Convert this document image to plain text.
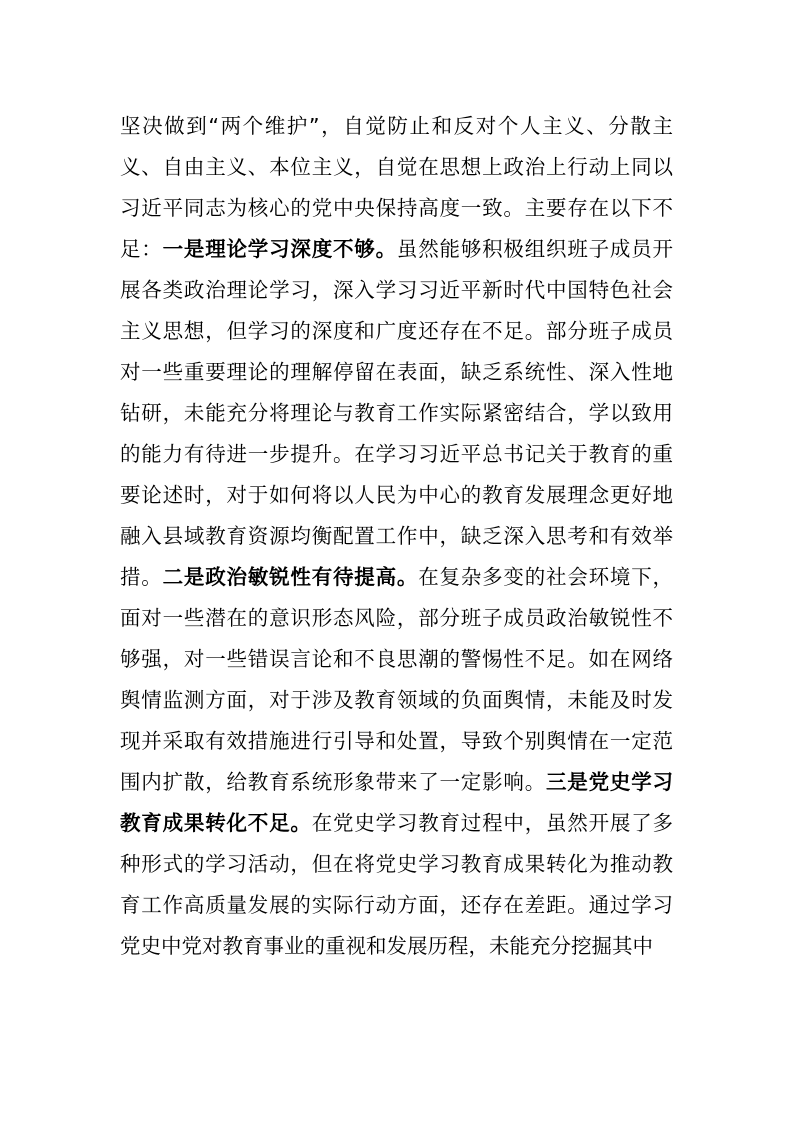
坚决做到“两个维护”，自觉防止和反对个人主义、分散主义、自由主义、本位主义，自觉在思想上政治上行动上同以习近平同志为核心的党中央保持高度一致。主要存在以下不足：一是理论学习深度不够。虽然能够积极组织班子成员开展各类政治理论学习，深入学习习近平新时代中国特色社会主义思想，但学习的深度和广度还存在不足。部分班子成员对一些重要理论的理解停留在表面，缺乏系统性、深入性地钻研，未能充分将理论与教育工作实际紧密结合，学以致用的能力有待进一步提升。在学习习近平总书记关于教育的重要论述时，对于如何将以人民为中心的教育发展理念更好地融入县域教育资源均衡配置工作中，缺乏深入思考和有效举措。二是政治敏锐性有待提高。在复杂多变的社会环境下，面对一些潜在的意识形态风险，部分班子成员政治敏锐性不够强，对一些错误言论和不良思潮的警惕性不足。如在网络舆情监测方面，对于涉及教育领域的负面舆情，未能及时发现并采取有效措施进行引导和处置，导致个别舆情在一定范围内扩散，给教育系统形象带来了一定影响。三是党史学习教育成果转化不足。在党史学习教育过程中，虽然开展了多种形式的学习活动，但在将党史学习教育成果转化为推动教育工作高质量发展的实际行动方面，还存在差距。通过学习党史中党对教育事业的重视和发展历程，未能充分挖掘其中
